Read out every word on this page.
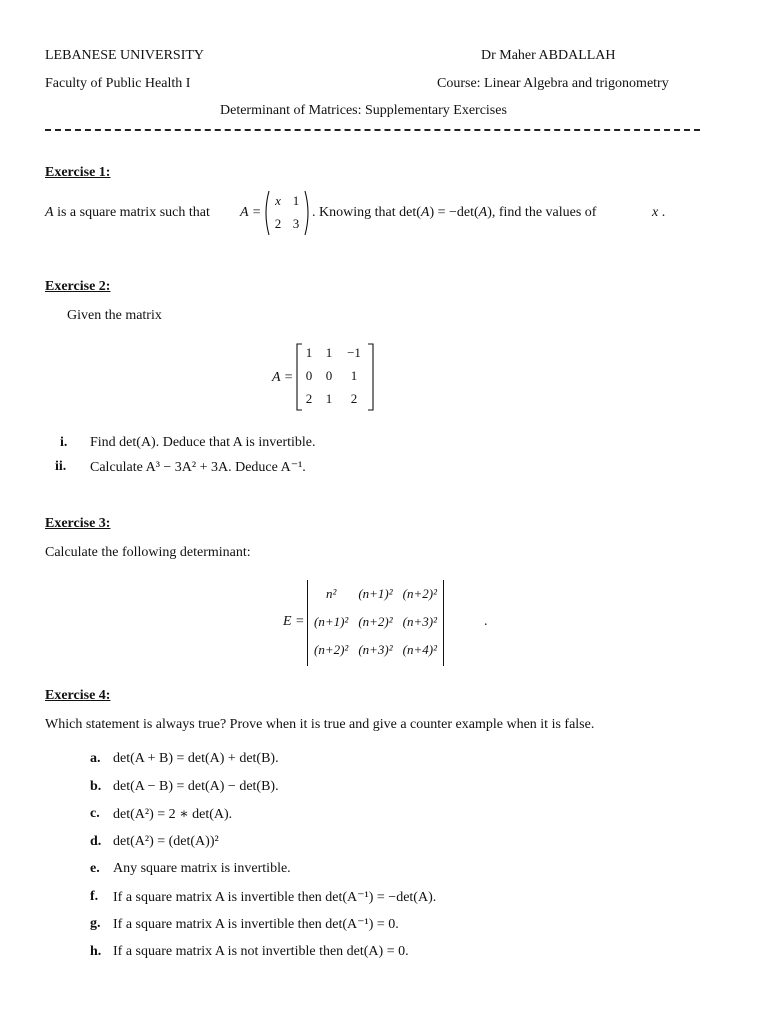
LEBANESE UNIVERSITY
Faculty of Public Health I
Dr Maher ABDALLAH
Course: Linear Algebra and trigonometry
Determinant of Matrices: Supplementary Exercises
Exercise 1:
A is a square matrix such that A =
x 1
2 3
. Knowing that det(A) = −det(A), find the values of	x .
Exercise 2:
Given the matrix
A =
1 1	−1
0 0	1
2 1	2
i. Find det(A). Deduce that A is invertible.
ii. Calculate A³ − 3A² + 3A. Deduce A⁻¹.
Exercise 3:
Calculate the following determinant:
E =
n²	(n+1)²	(n+2)²
(n+1)²	(n+2)²	(n+3)²
(n+2)²	(n+3)²	(n+4)²
.
Exercise 4:
Which statement is always true? Prove when it is true and give a counter example when it is false.
a. det(A + B) = det(A) + det(B).
b. det(A − B) = det(A) − det(B).
c. det(A²) = 2 ∗ det(A).
d. det(A²) = (det(A))²
e. Any square matrix is invertible.
f. If a square matrix A is invertible then det(A⁻¹) = −det(A).
g. If a square matrix A is invertible then det(A⁻¹) = 0.
h. If a square matrix A is not invertible then det(A) = 0.
